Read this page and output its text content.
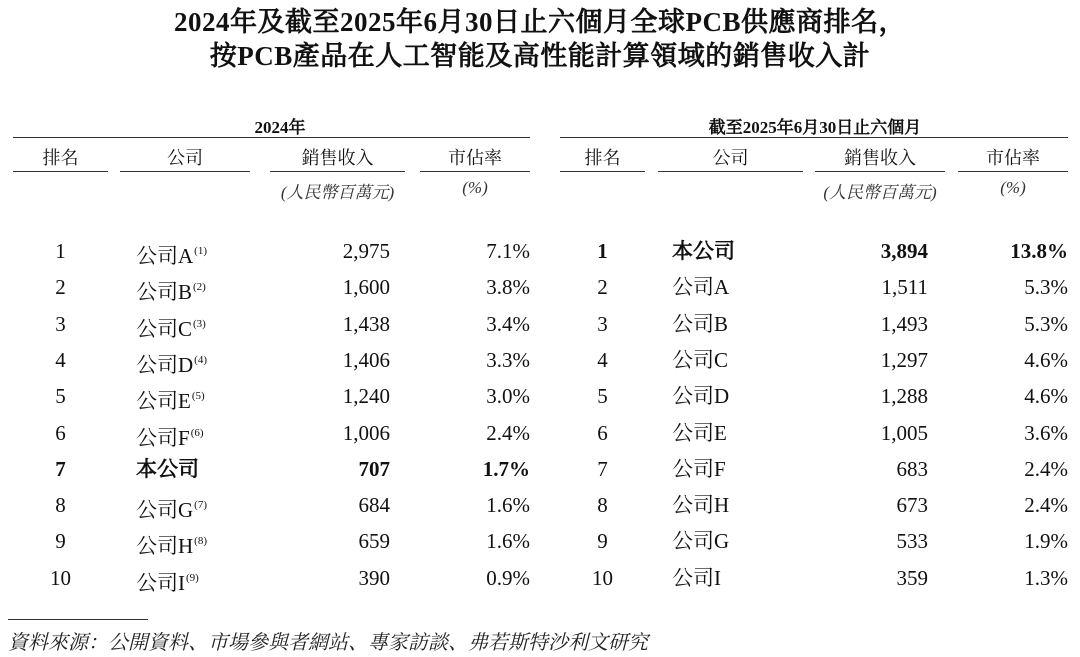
2024年及截至2025年6月30日止六個月全球PCB供應商排名，
按PCB產品在人工智能及高性能計算領域的銷售收入計
2024年
排名	公司	銷售收入	市佔率
(人民幣百萬元)	(%)
截至2025年6月30日止六個月
排名	公司	銷售收入	市佔率
(人民幣百萬元)	(%)
1	公司$A^{(1)}$	2,975	7.1%
2	公司$B^{(2)}$	1,600	3.8%
3	公司$C^{(3)}$	1,438	3.4%
4	公司$D^{(4)}$	1,406	3.3%
5	公司$E^{(5)}$	1,240	3.0%
6	公司$F^{(6)}$	1,006	2.4%
7	本公司	707	1.7%
8	公司$G^{(7)}$	684	1.6%
9	公司$H^{(8)}$	659	1.6%
10	公司$I^{(9)}$	390	0.9%
1	本公司	3,894	13.8%
2	公司A	1,511	5.3%
3	公司B	1,493	5.3%
4	公司C	1,297	4.6%
5	公司D	1,288	4.6%
6	公司E	1,005	3.6%
7	公司F	683	2.4%
8	公司H	673	2.4%
9	公司G	533	1.9%
10	公司I	359	1.3%
資料來源：公開資料、市場參與者網站、專家訪談、弗若斯特沙利文研究
